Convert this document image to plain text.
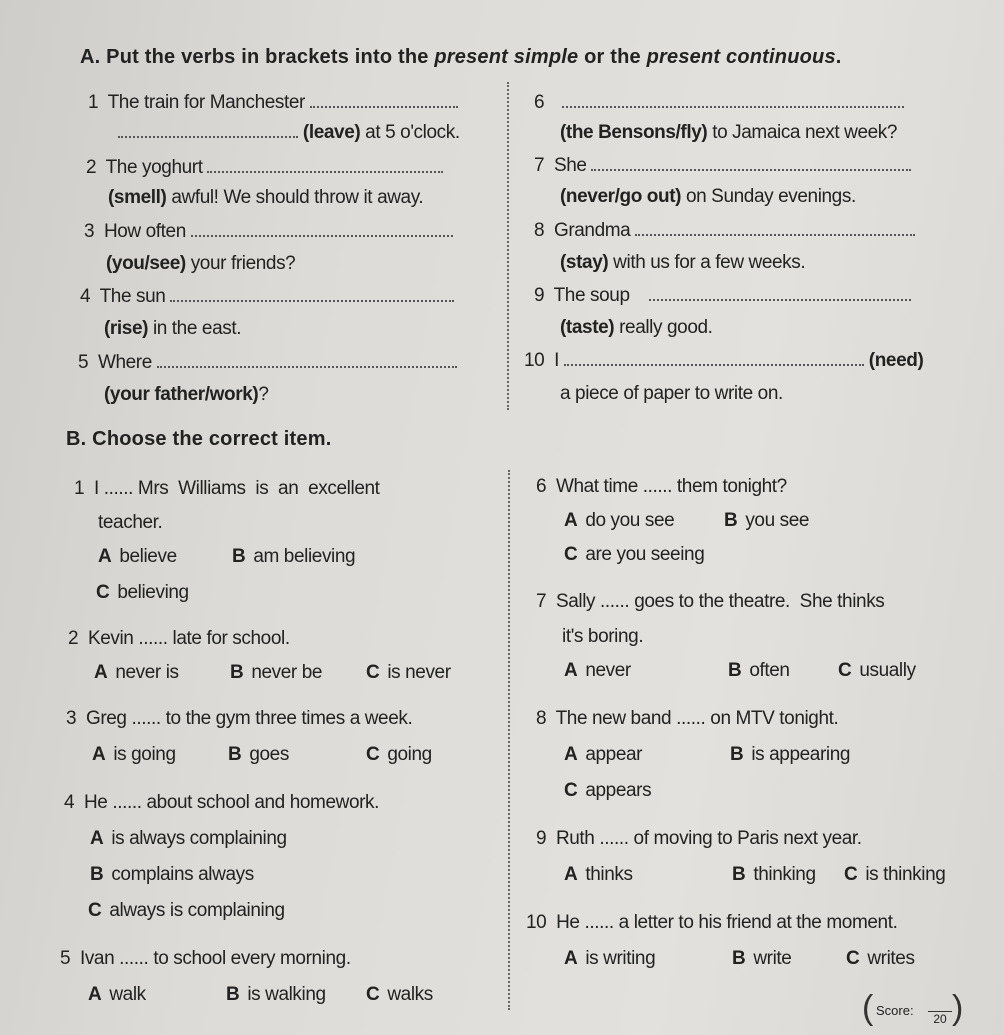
A. Put the verbs in brackets into the present simple or the present continuous.
1 The train for Manchester
(leave) at 5 o'clock.
2 The yoghurt
(smell) awful! We should throw it away.
3 How often
(you/see) your friends?
4 The sun
(rise) in the east.
5 Where
(your father/work)?
6
(the Bensons/fly) to Jamaica next week?
7 She
(never/go out) on Sunday evenings.
8 Grandma
(stay) with us for a few weeks.
9 The soup
(taste) really good.
10 I	(need)
a piece of paper to write on.
B. Choose the correct item.
1 I ...... Mrs  Williams  is  an  excellent
teacher.
A believe	B am believing
C believing
2 Kevin ...... late for school.
A never is	B never be C is never
3 Greg ...... to the gym three times a week.
A is going	B goes	C going
4 He ...... about school and homework.
A is always complaining
B complains always
C always is complaining
5 Ivan ...... to school every morning.
A walk	B is walking C walks
6 What time ...... them tonight?
A do you see	B you see
C are you seeing
7 Sally ...... goes to the theatre.  She thinks
it's boring.
A never	B often	C usually
8 The new band ...... on MTV tonight.
A appear	B is appearing
C appears
9 Ruth ...... of moving to Paris next year.
A thinks	B thinking C is thinking
10 He ...... a letter to his friend at the moment.
A is writing	B write	C writes
( Score:
20 )
